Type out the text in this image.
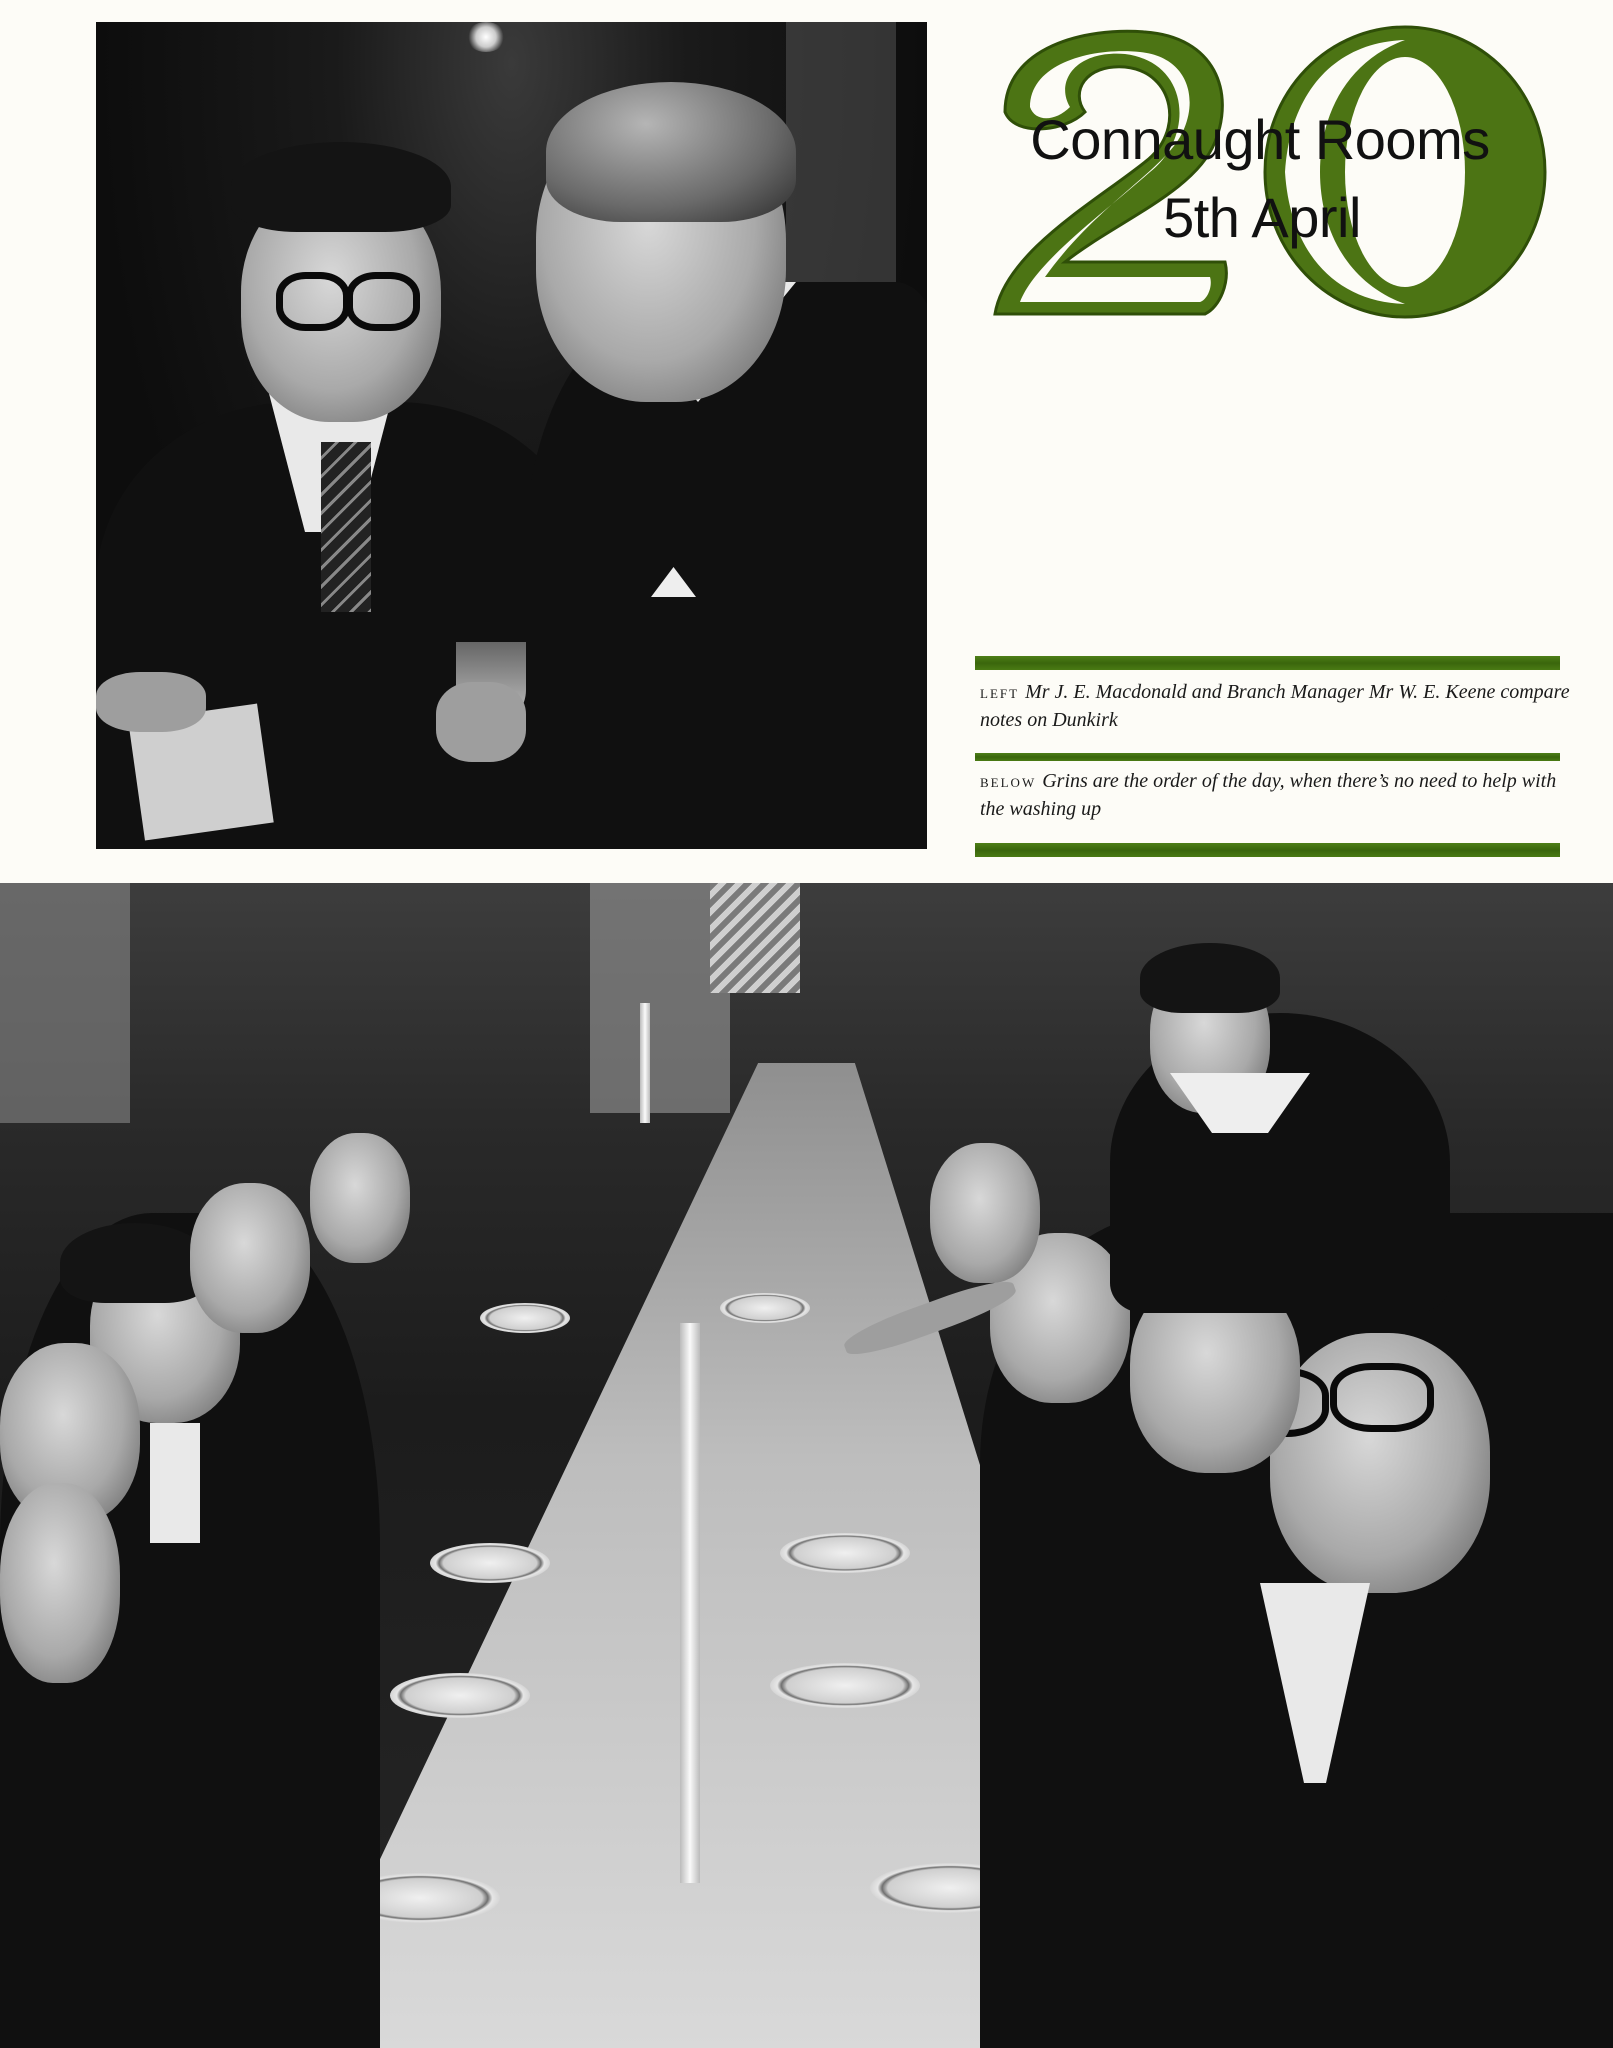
Connaught Rooms
5th April
left Mr J. E. Macdonald and Branch Manager Mr W. E. Keene compare notes on Dunkirk
below Grins are the order of the day, when there’s no need to help with the washing up
